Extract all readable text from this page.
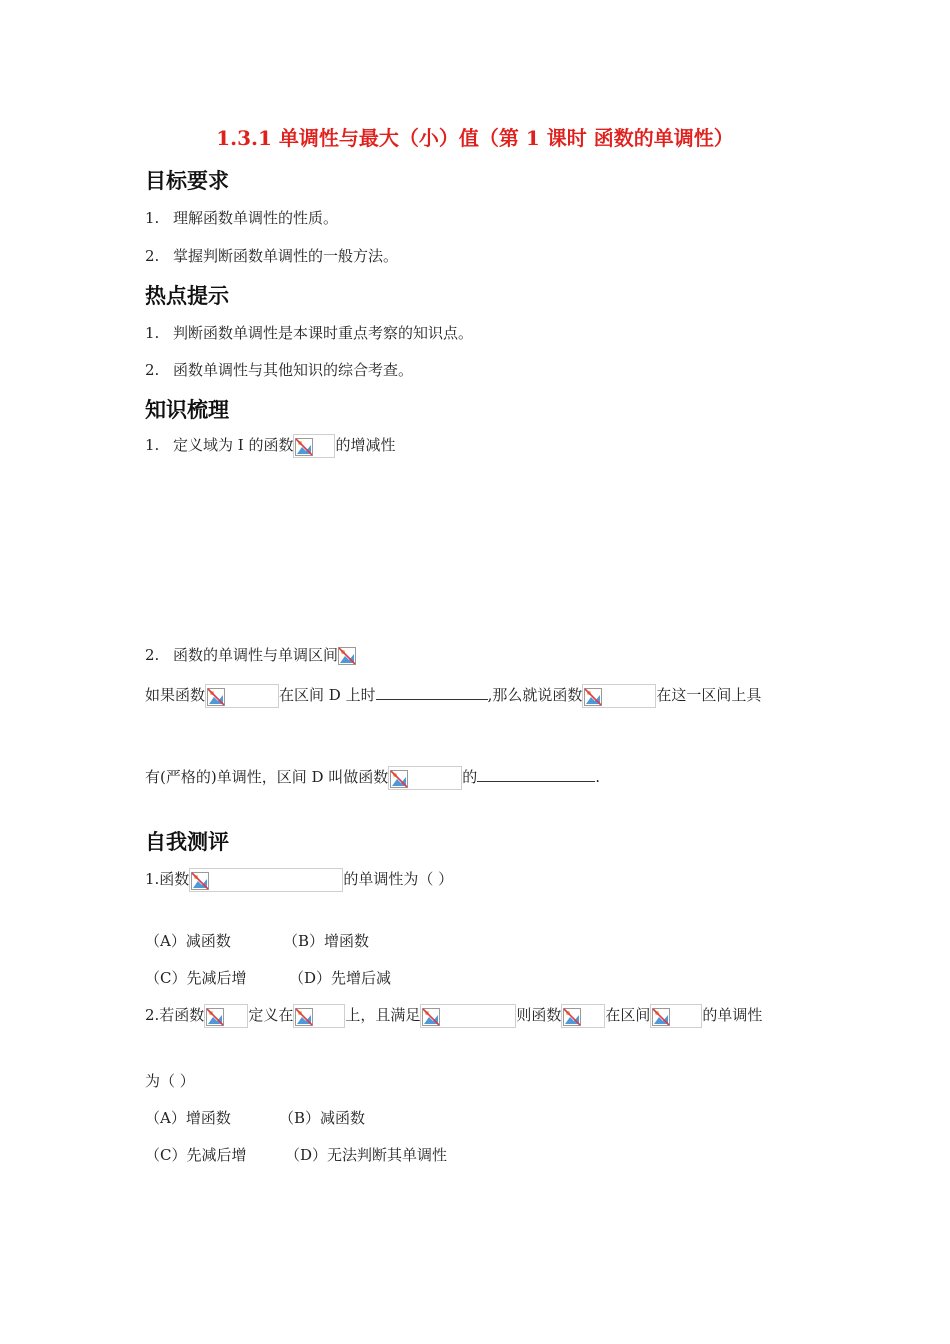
1.3.1 单调性与最大（小）值（第 1 课时 函数的单调性）
目标要求
1. 理解函数单调性的性质。
2. 掌握判断函数单调性的一般方法。
热点提示
1. 判断函数单调性是本课时重点考察的知识点。
2. 函数单调性与其他知识的综合考查。
知识梳理
1. 定义域为 I 的函数	的增减性
2. 函数的单调性与单调区间
如果函数	在区间 D 上时	,那么就说函数	在这一区间上具
有(严格的)单调性，区间 D 叫做函数	的	.
自我测评
1.函数	的单调性为（ ）
（A）减函数	（B）增函数
（C）先减后增	（D）先增后减
2.若函数	定义在	上，且满足	则函数	在区间	的单调性
为（ ）
（A）增函数	（B）减函数
（C）先减后增	（D）无法判断其单调性
